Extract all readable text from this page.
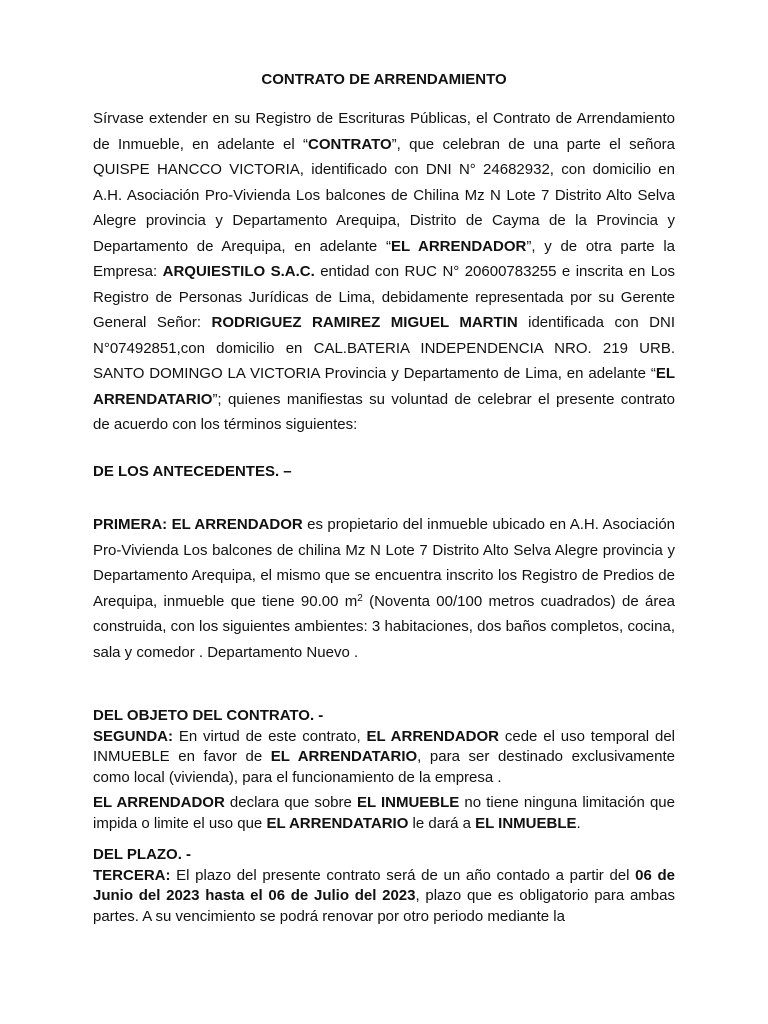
CONTRATO DE ARRENDAMIENTO

Sírvase extender en su Registro de Escrituras Públicas, el Contrato de Arrendamiento de Inmueble, en adelante el “CONTRATO”, que celebran de una parte el señora QUISPE HANCCO VICTORIA, identificado con DNI N° 24682932, con domicilio en A.H. Asociación Pro-Vivienda Los balcones de Chilina Mz N Lote 7 Distrito Alto Selva Alegre provincia y Departamento Arequipa, Distrito de Cayma de la Provincia y Departamento de Arequipa, en adelante “EL ARRENDADOR”, y de otra parte la Empresa: ARQUIESTILO S.A.C. entidad con RUC N° 20600783255 e inscrita en Los Registro de Personas Jurídicas de Lima, debidamente representada por su Gerente General Señor: RODRIGUEZ RAMIREZ MIGUEL MARTIN identificada con DNI N°07492851,con domicilio en CAL.BATERIA INDEPENDENCIA NRO. 219 URB. SANTO DOMINGO LA VICTORIA Provincia y Departamento de Lima, en adelante “EL ARRENDATARIO”; quienes manifiestas su voluntad de celebrar el presente contrato de acuerdo con los términos siguientes:

DE LOS ANTECEDENTES. –

PRIMERA: EL ARRENDADOR es propietario del inmueble ubicado en A.H. Asociación Pro-Vivienda Los balcones de chilina Mz N Lote 7 Distrito Alto Selva Alegre provincia y Departamento Arequipa, el mismo que se encuentra inscrito los Registro de Predios de Arequipa, inmueble que tiene 90.00 $m^2$ (Noventa 00/100 metros cuadrados) de área construida, con los siguientes ambientes: 3 habitaciones, dos baños completos, cocina, sala y comedor . Departamento Nuevo .

DEL OBJETO DEL CONTRATO. -

SEGUNDA: En virtud de este contrato, EL ARRENDADOR cede el uso temporal del INMUEBLE en favor de EL ARRENDATARIO, para ser destinado exclusivamente como local (vivienda), para el funcionamiento de la empresa .

EL ARRENDADOR declara que sobre EL INMUEBLE no tiene ninguna limitación que impida o limite el uso que EL ARRENDATARIO le dará a EL INMUEBLE.

DEL PLAZO. -

TERCERA: El plazo del presente contrato será de un año contado a partir del 06 de Junio del 2023 hasta el 06 de Julio del 2023, plazo que es obligatorio para ambas partes. A su vencimiento se podrá renovar por otro periodo mediante la
